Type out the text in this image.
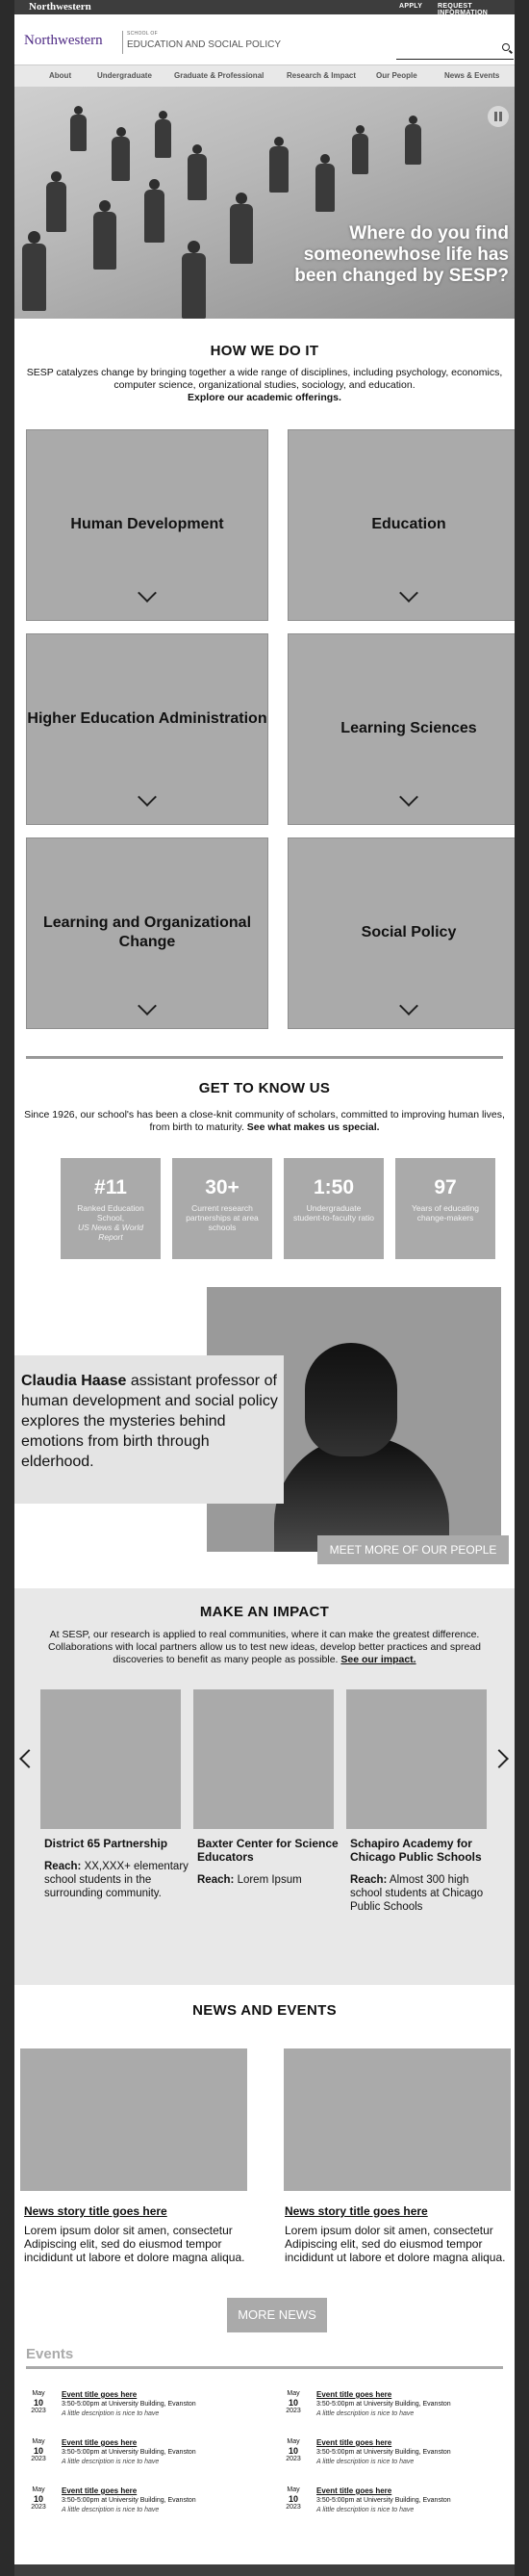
Northwestern	APPLY REQUEST INFORMATION
Northwestern	SCHOOL OF
EDUCATION AND SOCIAL POLICY
About	Undergraduate	Graduate & Professional	Research & Impact	Our People	News & Events
Where do you find someonewhose life has been changed by SESP?
HOW WE DO IT
SESP catalyzes change by bringing together a wide range of disciplines, including psychology, economics, computer science, organizational studies, sociology, and education.
Explore our academic offerings.
Human Development	Education
Higher Education Administration
Learning Sciences
Learning and Organizational Change
Social Policy
GET TO KNOW US
Since 1926, our school's has been a close-knit community of scholars, committed to improving human lives, from birth to maturity. See what makes us special.
#11
Ranked Education School,
US News & World Report
30+
Current research partnerships at area schools
1:50
Undergraduate student-to-faculty ratio
97
Years of educating change-makers

Claudia Haase assistant professor of human development and social policy explores the mysteries behind emotions from birth through elderhood.

MEET MORE OF OUR PEOPLE
MAKE AN IMPACT
At SESP, our research is applied to real communities, where it can make the greatest difference. Collaborations with local partners allow us to test new ideas, develop better practices and spread discoveries to benefit as many people as possible. See our impact.
District 65 Partnership
Reach: XX,XXX+ elementary school students in the surrounding community.
Baxter Center for Science Educators
Reach: Lorem Ipsum
Schapiro Academy for Chicago Public Schools
Reach: Almost 300 high school students at Chicago Public Schools
NEWS AND EVENTS
News story title goes here
Lorem ipsum dolor sit amen, consectetur Adipiscing elit, sed do eiusmod tempor incididunt ut labore et dolore magna aliqua.
News story title goes here
Lorem ipsum dolor sit amen, consectetur Adipiscing elit, sed do eiusmod tempor incididunt ut labore et dolore magna aliqua.
MORE NEWS
Events
May
10
2023
Event title goes here
3:50-5:00pm at University Building, Evanston
A little description is nice to have
May
10
2023
Event title goes here
3:50-5:00pm at University Building, Evanston
A little description is nice to have
May
10
2023
Event title goes here
3:50-5:00pm at University Building, Evanston
A little description is nice to have
May
10
2023
Event title goes here
3:50-5:00pm at University Building, Evanston
A little description is nice to have
May
10
2023
Event title goes here
3:50-5:00pm at University Building, Evanston
A little description is nice to have
May
10
2023
Event title goes here
3:50-5:00pm at University Building, Evanston
A little description is nice to have
